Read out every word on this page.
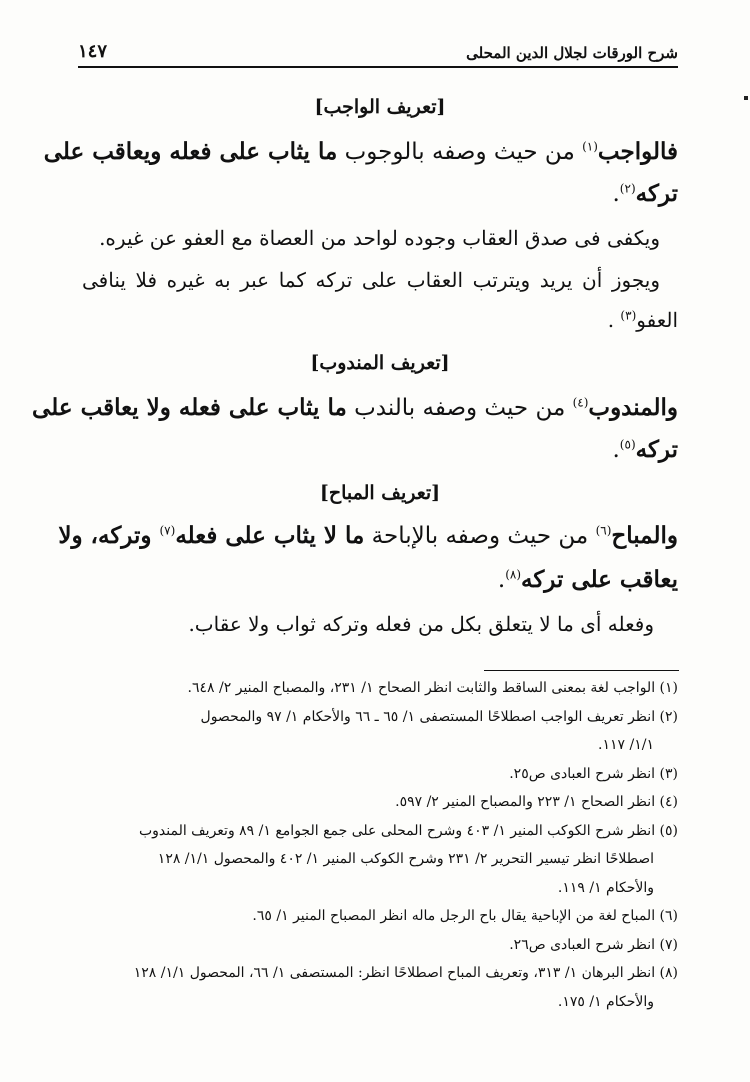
١٤٧	شرح الورقات لجلال الدين المحلى
[تعريف الواجب]
فالواجب$^{(١)}$ من حيث وصفه بالوجوب ما يثاب على فعله ويعاقب على
تركه$^{(٢)}$.
ويكفى فى صدق العقاب وجوده لواحد من العصاة مع العفو عن غيره.
ويجوز أن يريد ويترتب العقاب على تركه كما عبر به غيره فلا ينافى
العفو$^{(٣)}$ .
[تعريف المندوب]
والمندوب$^{(٤)}$ من حيث وصفه بالندب ما يثاب على فعله ولا يعاقب على
تركه$^{(٥)}$.
[تعريف المباح]
والمباح$^{(٦)}$ من حيث وصفه بالإباحة ما لا يثاب على فعله$^{(٧)}$ وتركه، ولا
يعاقب على تركه$^{(٨)}$.
وفعله أى ما لا يتعلق بكل من فعله وتركه ثواب ولا عقاب.
(١) الواجب لغة بمعنى الساقط والثابت انظر الصحاح ١/ ٢٣١، والمصباح المنير ٢/ ٦٤٨.
(٢) انظر تعريف الواجب اصطلاحًا المستصفى ١/ ٦٥ ـ ٦٦ والأحكام ١/ ٩٧ والمحصول
١/١/ ١١٧.
(٣) انظر شرح العبادى ص٢٥.
(٤) انظر الصحاح ١/ ٢٢٣ والمصباح المنير ٢/ ٥٩٧.
(٥) انظر شرح الكوكب المنير ١/ ٤٠٣ وشرح المحلى على جمع الجوامع ١/ ٨٩ وتعريف المندوب
اصطلاحًا انظر تيسير التحرير ٢/ ٢٣١ وشرح الكوكب المنير ١/ ٤٠٢ والمحصول ١/١/ ١٢٨
والأحكام ١/ ١١٩.
(٦) المباح لغة من الإباحية يقال باح الرجل ماله انظر المصباح المنير ١/ ٦٥.
(٧) انظر شرح العبادى ص٢٦.
(٨) انظر البرهان ١/ ٣١٣، وتعريف المباح اصطلاحًا انظر: المستصفى ١/ ٦٦، المحصول ١/١/ ١٢٨
والأحكام ١/ ١٧٥.
